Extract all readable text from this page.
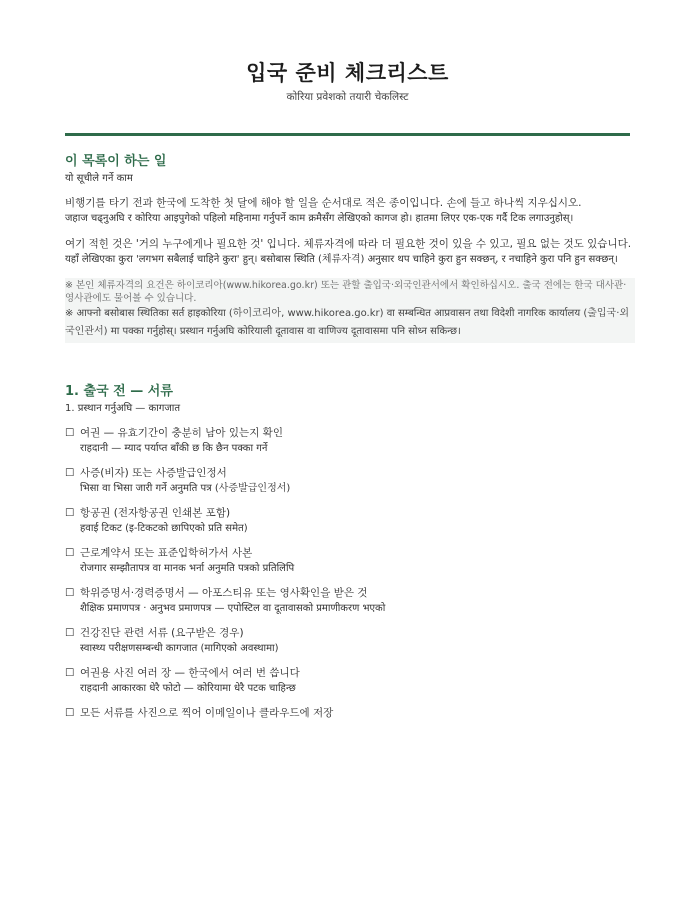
입국 준비 체크리스트
कोरिया प्रवेशको तयारी चेकलिस्ट
이 목록이 하는 일
यो सूचीले गर्ने काम

비행기를 타기 전과 한국에 도착한 첫 달에 해야 할 일을 순서대로 적은 종이입니다. 손에 들고 하나씩 지우십시오.

जहाज चढ्नुअघि र कोरिया आइपुगेको पहिलो महिनामा गर्नुपर्ने काम क्रमैसँग लेखिएको कागज हो। हातमा लिएर एक-एक गर्दै टिक लगाउनुहोस्।

여기 적힌 것은 '거의 누구에게나 필요한 것' 입니다. 체류자격에 따라 더 필요한 것이 있을 수 있고, 필요 없는 것도 있습니다.

यहाँ लेखिएका कुरा 'लगभग सबैलाई चाहिने कुरा' हुन्। बसोबास स्थिति (체류자격) अनुसार थप चाहिने कुरा हुन सक्छन्, र नचाहिने कुरा पनि हुन सक्छन्।

※ 본인 체류자격의 요건은 하이코리아(www.hikorea.go.kr) 또는 관할 출입국·외국인관서에서 확인하십시오. 출국 전에는 한국 대사관·영사관에도 물어볼 수 있습니다.

※ आफ्नो बसोबास स्थितिका सर्त हाइकोरिया (하이코리아, www.hikorea.go.kr) वा सम्बन्धित आप्रवासन तथा विदेशी नागरिक कार्यालय (출입국·외국인관서) मा पक्का गर्नुहोस्। प्रस्थान गर्नुअघि कोरियाली दूतावास वा वाणिज्य दूतावासमा पनि सोध्न सकिन्छ।

1. 출국 전 — 서류
1. प्रस्थान गर्नुअघि — कागजात
☐ 여권 — 유효기간이 충분히 남아 있는지 확인

राहदानी — म्याद पर्याप्त बाँकी छ कि छैन पक्का गर्ने

☐ 사증(비자) 또는 사증발급인정서

भिसा वा भिसा जारी गर्ने अनुमति पत्र (사증발급인정서)

☐ 항공권 (전자항공권 인쇄본 포함)

हवाई टिकट (इ-टिकटको छापिएको प्रति समेत)

☐ 근로계약서 또는 표준입학허가서 사본

रोजगार सम्झौतापत्र वा मानक भर्ना अनुमति पत्रको प्रतिलिपि

☐ 학위증명서·경력증명서 — 아포스티유 또는 영사확인을 받은 것

शैक्षिक प्रमाणपत्र · अनुभव प्रमाणपत्र — एपोस्टिल वा दूतावासको प्रमाणीकरण भएको

☐ 건강진단 관련 서류 (요구받은 경우)

स्वास्थ्य परीक्षणसम्बन्धी कागजात (मागिएको अवस्थामा)

☐ 여권용 사진 여러 장 — 한국에서 여러 번 씁니다

राहदानी आकारका धेरै फोटो — कोरियामा धेरै पटक चाहिन्छ

☐ 모든 서류를 사진으로 찍어 이메일이나 클라우드에 저장
